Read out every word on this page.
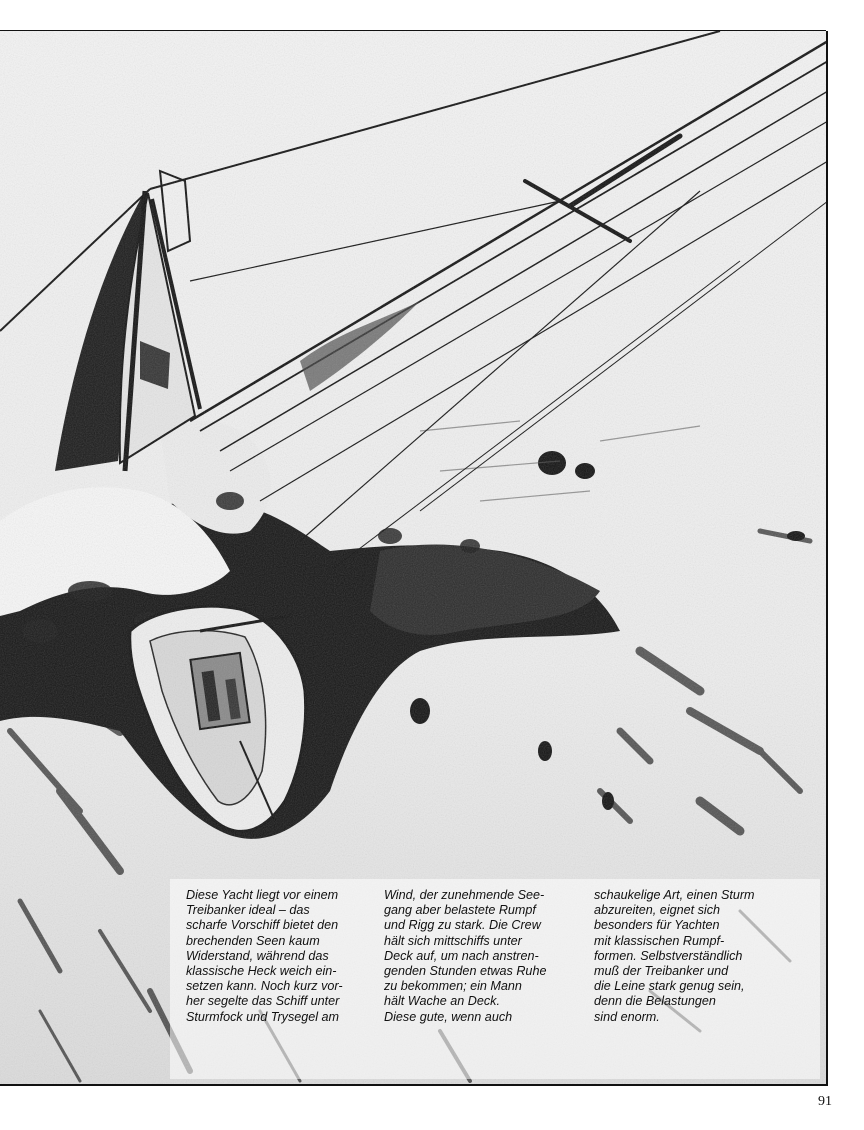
Diese Yacht liegt vor einem
Treibanker ideal – das
scharfe Vorschiff bietet den
brechenden Seen kaum
Widerstand, während das
klassische Heck weich ein-
setzen kann. Noch kurz vor-
her segelte das Schiff unter
Sturmfock und Trysegel am
Wind, der zunehmende See-
gang aber belastete Rumpf
und Rigg zu stark. Die Crew
hält sich mittschiffs unter
Deck auf, um nach anstren-
genden Stunden etwas Ruhe
zu bekommen; ein Mann
hält Wache an Deck.
Diese gute, wenn auch
schaukelige Art, einen Sturm
abzureiten, eignet sich
besonders für Yachten
mit klassischen Rumpf-
formen. Selbstverständlich
muß der Treibanker und
die Leine stark genug sein,
denn die Belastungen
sind enorm.
91
